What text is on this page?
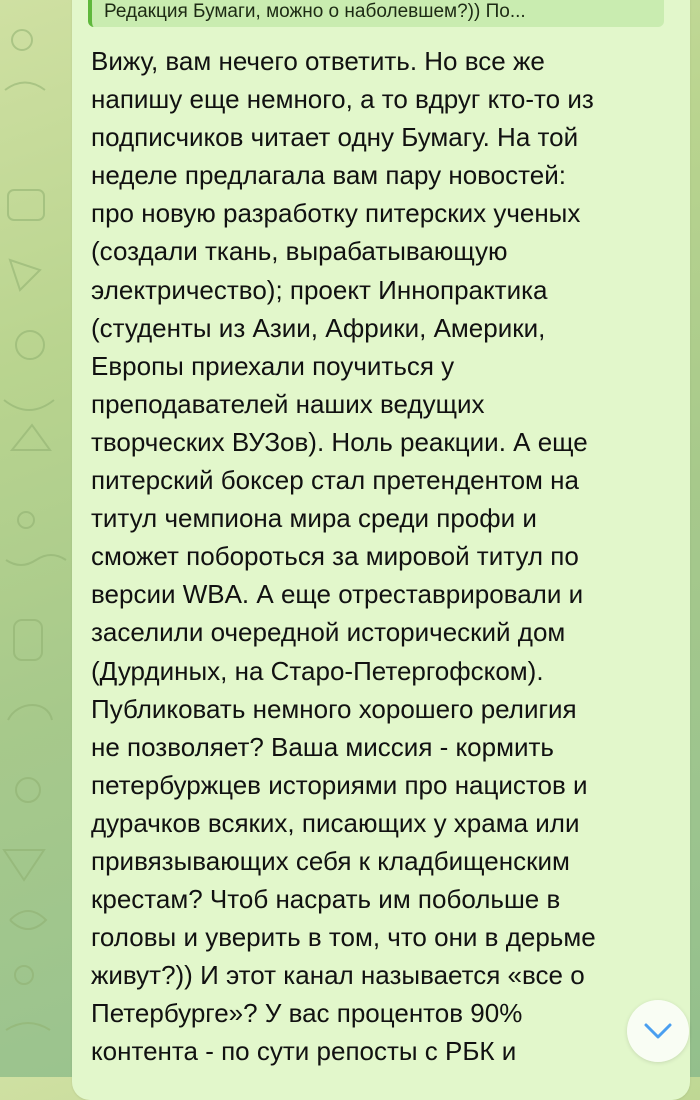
Редакция Бумаги, можно о наболевшем?)) По...

Вижу, вам нечего ответить. Но все же
напишу еще немного, а то вдруг кто-то из
подписчиков читает одну Бумагу. На той
неделе предлагала вам пару новостей:
про новую разработку питерских ученых
(создали ткань, вырабатывающую
электричество); проект Иннопрактика
(студенты из Азии, Африки, Америки,
Европы приехали поучиться у
преподавателей наших ведущих
творческих ВУЗов). Ноль реакции. А еще
питерский боксер стал претендентом на
титул чемпиона мира среди профи и
сможет побороться за мировой титул по
версии WBA. А еще отреставрировали и
заселили очередной исторический дом
(Дурдиных, на Старо-Петергофском).
Публиковать немного хорошего религия
не позволяет? Ваша миссия - кормить
петербуржцев историями про нацистов и
дурачков всяких, писающих у храма или
привязывающих себя к кладбищенским
крестам? Чтоб насрать им побольше в
головы и уверить в том, что они в дерьме
живут?)) И этот канал называется «все о
Петербурге»? У вас процентов 90%
контента - по сути репосты с РБК и
